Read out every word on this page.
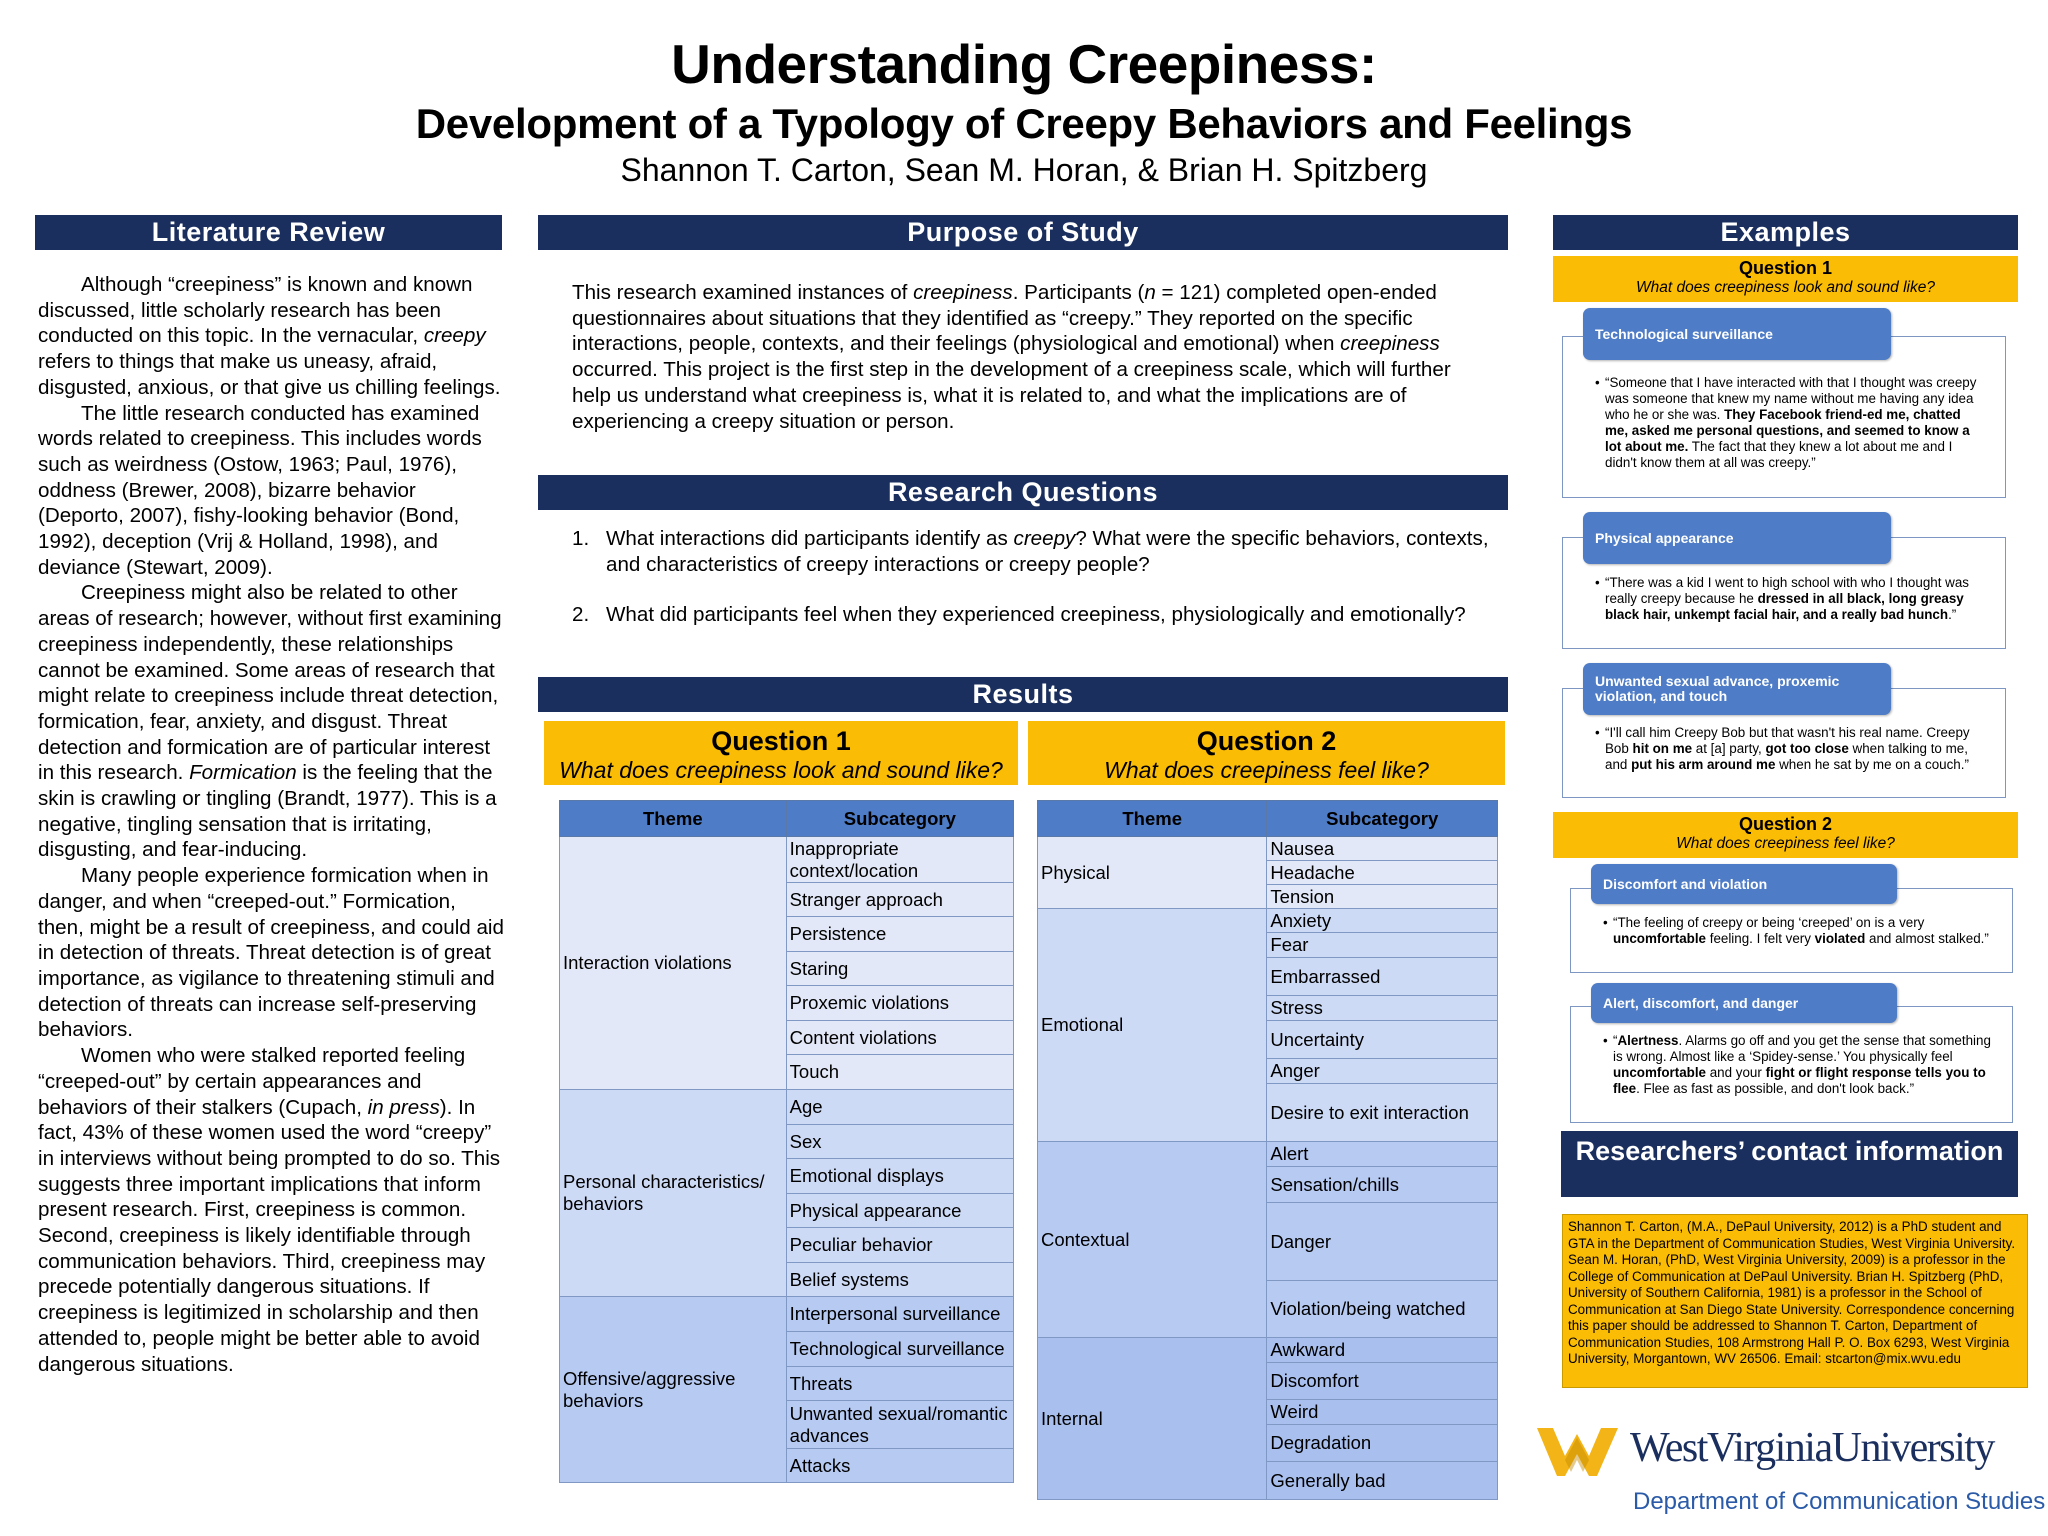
Understanding Creepiness:
Development of a Typology of Creepy Behaviors and Feelings
Shannon T. Carton, Sean M. Horan, & Brian H. Spitzberg
Literature Review

Although “creepiness” is known and known discussed, little scholarly research has been conducted on this topic. In the vernacular, creepy refers to things that make us uneasy, afraid, disgusted, anxious, or that give us chilling feelings.

The little research conducted has examined words related to creepiness. This includes words such as weirdness (Ostow, 1963; Paul, 1976), oddness (Brewer, 2008), bizarre behavior (Deporto, 2007), fishy-looking behavior (Bond, 1992), deception (Vrij & Holland, 1998), and deviance (Stewart, 2009).

Creepiness might also be related to other areas of research; however, without first examining creepiness independently, these relationships cannot be examined. Some areas of research that might relate to creepiness include threat detection, formication, fear, anxiety, and disgust. Threat detection and formication are of particular interest in this research. Formication is the feeling that the skin is crawling or tingling (Brandt, 1977). This is a negative, tingling sensation that is irritating, disgusting, and fear-inducing.

Many people experience formication when in danger, and when “creeped-out.” Formication, then, might be a result of creepiness, and could aid in detection of threats. Threat detection is of great importance, as vigilance to threatening stimuli and detection of threats can increase self-preserving behaviors.

Women who were stalked reported feeling “creeped-out” by certain appearances and behaviors of their stalkers (Cupach, in press). In fact, 43% of these women used the word “creepy” in interviews without being prompted to do so. This suggests three important implications that inform present research. First, creepiness is common. Second, creepiness is likely identifiable through communication behaviors. Third, creepiness may precede potentially dangerous situations. If creepiness is legitimized in scholarship and then attended to, people might be better able to avoid dangerous situations.

Purpose of Study
This research examined instances of creepiness. Participants (n = 121) completed open-ended questionnaires about situations that they identified as “creepy.” They reported on the specific interactions, people, contexts, and their feelings (physiological and emotional) when creepiness occurred. This project is the first step in the development of a creepiness scale, which will further help us understand what creepiness is, what it is related to, and what the implications are of experiencing a creepy situation or person.
Research Questions
1. What interactions did participants identify as creepy? What were the specific behaviors, contexts, and characteristics of creepy interactions or creepy people?
2. What did participants feel when they experienced creepiness, physiologically and emotionally?
Results
Question 1
What does creepiness look and sound like?
Question 2
What does creepiness feel like?
Theme	Subcategory
Interaction violations	Inappropriate context/location
	Stranger approach
	Persistence
	Staring
	Proxemic violations
	Content violations
	Touch
Personal characteristics/ behaviors	Age
	Sex
	Emotional displays
	Physical appearance
	Peculiar behavior
	Belief systems
Offensive/aggressive behaviors	Interpersonal surveillance
	Technological surveillance
	Threats
	Unwanted sexual/romantic advances
	Attacks
Theme	Subcategory
Physical	Nausea
	Headache
	Tension
Emotional	Anxiety
	Fear
	Embarrassed
	Stress
	Uncertainty
	Anger
	Desire to exit interaction
Contextual	Alert
	Sensation/chills
	Danger
	Violation/being watched
Internal	Awkward
	Discomfort
	Weird
	Degradation
	Generally bad
Examples
Question 1
What does creepiness look and sound like?
Question 2
What does creepiness feel like?
Technological surveillance
• “Someone that I have interacted with that I thought was creepy was someone that knew my name without me having any idea who he or she was. They Facebook friend-ed me, chatted me, asked me personal questions, and seemed to know a lot about me. The fact that they knew a lot about me and I didn't know them at all was creepy.”
Physical appearance
• “There was a kid I went to high school with who I thought was really creepy because he dressed in all black, long greasy black hair, unkempt facial hair, and a really bad hunch.”
Unwanted sexual advance, proxemic violation, and touch
• “I'll call him Creepy Bob but that wasn't his real name. Creepy Bob hit on me at [a] party, got too close when talking to me, and put his arm around me when he sat by me on a couch.”
Discomfort and violation
• “The feeling of creepy or being ‘creeped’ on is a very uncomfortable feeling. I felt very violated and almost stalked.”
Alert, discomfort, and danger
• “Alertness. Alarms go off and you get the sense that something is wrong. Almost like a ‘Spidey-sense.’ You physically feel uncomfortable and your fight or flight response tells you to flee. Flee as fast as possible, and don't look back.”
Researchers’ contact information
Shannon T. Carton, (M.A., DePaul University, 2012) is a PhD student and GTA in the Department of Communication Studies, West Virginia University. Sean M. Horan, (PhD, West Virginia University, 2009) is a professor in the College of Communication at DePaul University. Brian H. Spitzberg (PhD, University of Southern California, 1981) is a professor in the School of Communication at San Diego State University. Correspondence concerning this paper should be addressed to Shannon T. Carton, Department of Communication Studies, 108 Armstrong Hall P. O. Box 6293, West Virginia University, Morgantown, WV 26506. Email: stcarton@mix.wvu.edu
WestVirginiaUniversity
Department of Communication Studies
